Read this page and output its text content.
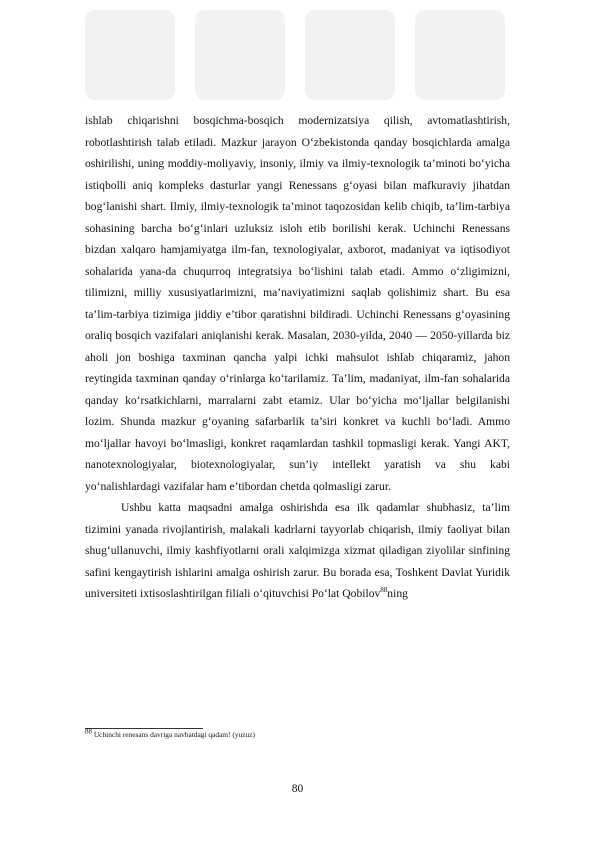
ishlab chiqarishni bosqichma-bosqich modernizatsiya qilish, avtomatlashtirish, robotlashtirish talab etiladi. Mazkur jarayon O‘zbekistonda qanday bosqichlarda amalga oshirilishi, uning moddiy-moliyaviy, insoniy, ilmiy va ilmiy-texnologik ta’minoti bo‘yicha istiqbolli aniq kompleks dasturlar yangi Renessans g‘oyasi bilan mafkuraviy jihatdan bog‘lanishi shart. Ilmiy, ilmiy-texnologik ta’minot taqozosidan kelib chiqib, ta’lim-tarbiya sohasining barcha bo‘g‘inlari uzluksiz isloh etib borilishi kerak. Uchinchi Renessans bizdan xalqaro hamjamiyatga ilm-fan, texnologiyalar, axborot, madaniyat va iqtisodiyot sohalarida yana-da chuqurroq integratsiya bo‘lishini talab etadi. Ammo o‘zligimizni, tilimizni, milliy xususiyatlarimizni, ma’naviyatimizni saqlab qolishimiz shart. Bu esa ta’lim-tarbiya tizimiga jiddiy e’tibor qaratishni bildiradi. Uchinchi Renessans g‘oyasining oraliq bosqich vazifalari aniqlanishi kerak. Masalan, 2030-yilda, 2040 — 2050-yillarda biz aholi jon boshiga taxminan qancha yalpi ichki mahsulot ishlab chiqaramiz, jahon reytingida taxminan qanday o‘rinlarga ko‘tarilamiz. Ta’lim, madaniyat, ilm-fan sohalarida qanday ko‘rsatkichlarni, marralarni zabt etamiz. Ular bo‘yicha mo‘ljallar belgilanishi lozim. Shunda mazkur g‘oyaning safarbarlik ta’siri konkret va kuchli bo‘ladi. Ammo mo‘ljallar havoyi bo‘lmasligi, konkret raqamlardan tashkil topmasligi kerak. Yangi AKT, nanotexnologiyalar, biotexnologiyalar, sun’iy intellekt yaratish va shu kabi yo‘nalishlardagi vazifalar ham e’tibordan chetda qolmasligi zarur.

Ushbu katta maqsadni amalga oshirishda esa ilk qadamlar shubhasiz, ta’lim tizimini yanada rivojlantirish, malakali kadrlarni tayyorlab chiqarish, ilmiy faoliyat bilan shug‘ullanuvchi, ilmiy kashfiyotlarni orali xalqimizga xizmat qiladigan ziyolilar sinfining safini kengaytirish ishlarini amalga oshirish zarur. Bu borada esa, Toshkent Davlat Yuridik universiteti ixtisoslashtirilgan filiali o‘qituvchisi Po‘lat Qobilov$^{88}$ning

$^{88}$ Uchinchi renesans davriga navbatdagi qadam! (yuzuz)
80
